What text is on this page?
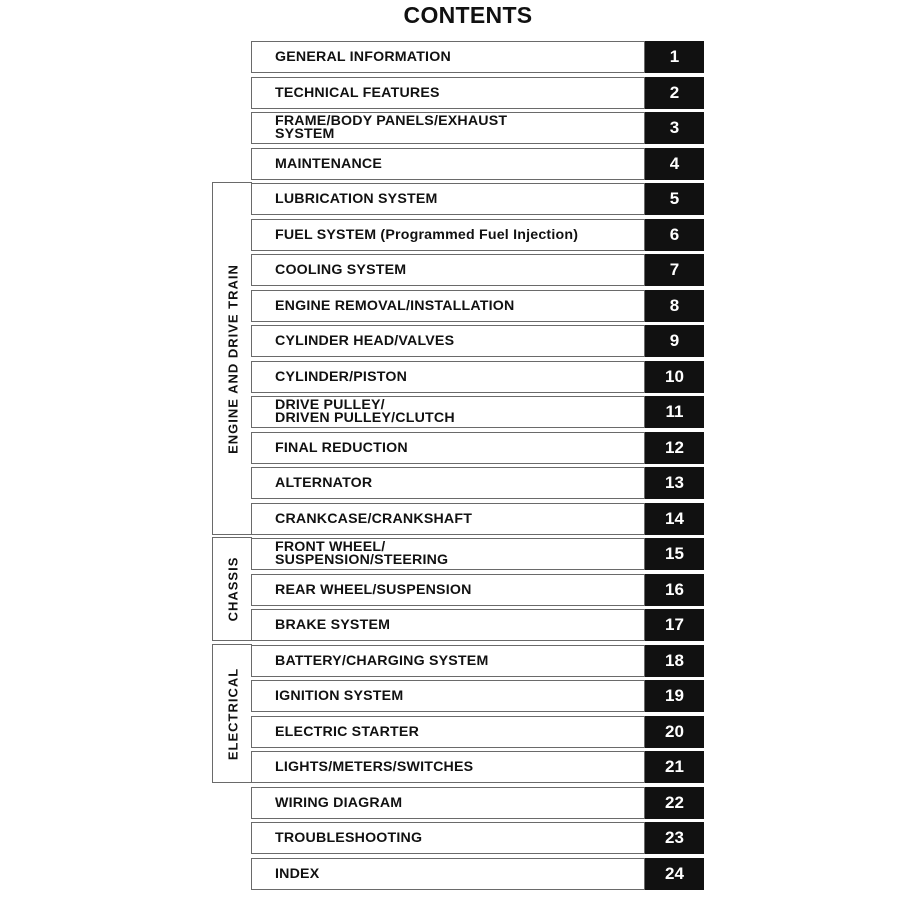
CONTENTS
ENGINE AND DRIVE TRAIN
CHASSIS
ELECTRICAL
GENERAL INFORMATION	1
TECHNICAL FEATURES	2
FRAME/BODY PANELS/EXHAUST
SYSTEM	3
MAINTENANCE	4
LUBRICATION SYSTEM	5
FUEL SYSTEM (Programmed Fuel Injection)	6
COOLING SYSTEM	7
ENGINE REMOVAL/INSTALLATION	8
CYLINDER HEAD/VALVES	9
CYLINDER/PISTON	10
DRIVE PULLEY/
DRIVEN PULLEY/CLUTCH	11
FINAL REDUCTION	12
ALTERNATOR	13
CRANKCASE/CRANKSHAFT	14
FRONT WHEEL/
SUSPENSION/STEERING	15
REAR WHEEL/SUSPENSION	16
BRAKE SYSTEM	17
BATTERY/CHARGING SYSTEM	18
IGNITION SYSTEM	19
ELECTRIC STARTER	20
LIGHTS/METERS/SWITCHES	21
WIRING DIAGRAM	22
TROUBLESHOOTING	23
INDEX	24
